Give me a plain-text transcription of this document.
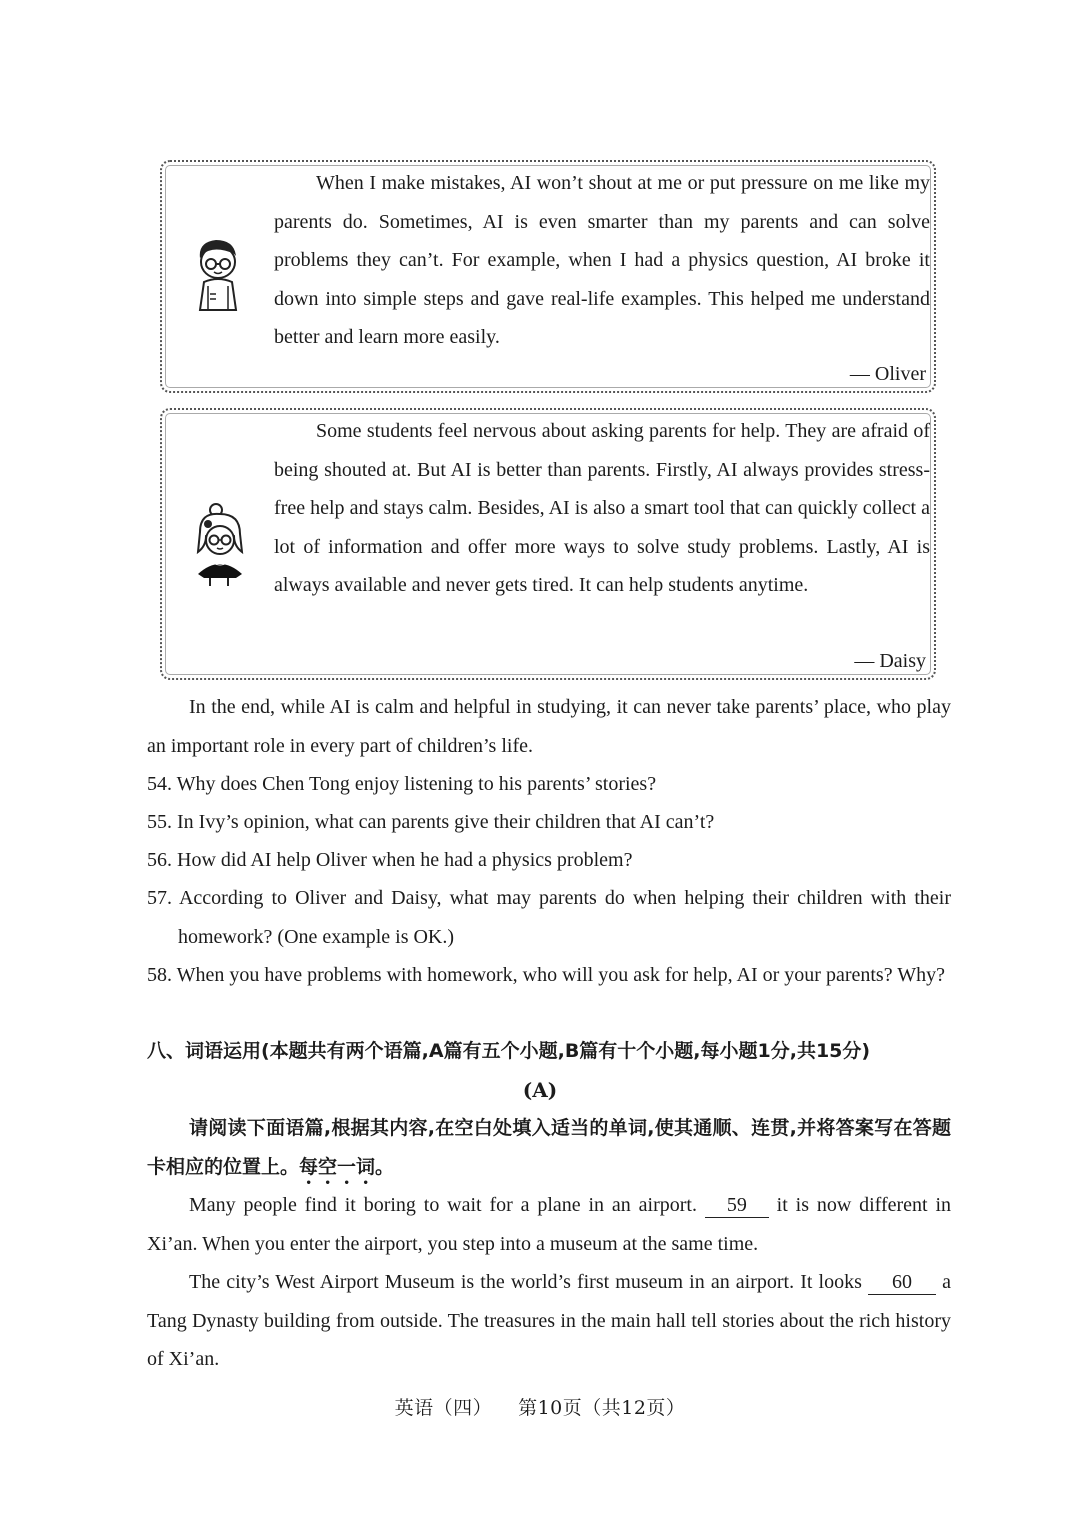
When I make mistakes, AI won’t shout at me or put pressure on me like my parents do. Sometimes, AI is even smarter than my parents and can solve problems they can’t. For example, when I had a physics question, AI broke it down into simple steps and gave real-life examples. This helped me understand better and learn more easily.

— Oliver

Some students feel nervous about asking parents for help. They are afraid of being shouted at. But AI is better than parents. Firstly, AI always provides stress-free help and stays calm. Besides, AI is also a smart tool that can quickly collect a lot of information and offer more ways to solve study problems. Lastly, AI is always available and never gets tired. It can help students anytime.

— Daisy

In the end, while AI is calm and helpful in studying, it can never take parents’ place, who play an important role in every part of children’s life.

54. Why does Chen Tong enjoy listening to his parents’ stories?

55. In Ivy’s opinion, what can parents give their children that AI can’t?

56. How did AI help Oliver when he had a physics problem?

57. According to Oliver and Daisy, what may parents do when helping their children with their homework? (One example is OK.)

58. When you have problems with homework, who will you ask for help, AI or your parents? Why?

八、词语运用(本题共有两个语篇,A篇有五个小题,B篇有十个小题,每小题1分,共15分)

(A)

请阅读下面语篇,根据其内容,在空白处填入适当的单词,使其通顺、连贯,并将答案写在答题卡相应的位置上。每空一词。

Many people find it boring to wait for a plane in an airport. 59 it is now different in Xi’an. When you enter the airport, you step into a museum at the same time.

The city’s West Airport Museum is the world’s first museum in an airport. It looks 60 a Tang Dynasty building from outside. The treasures in the main hall tell stories about the rich history of Xi’an.

英语（四） 第10页（共12页）
